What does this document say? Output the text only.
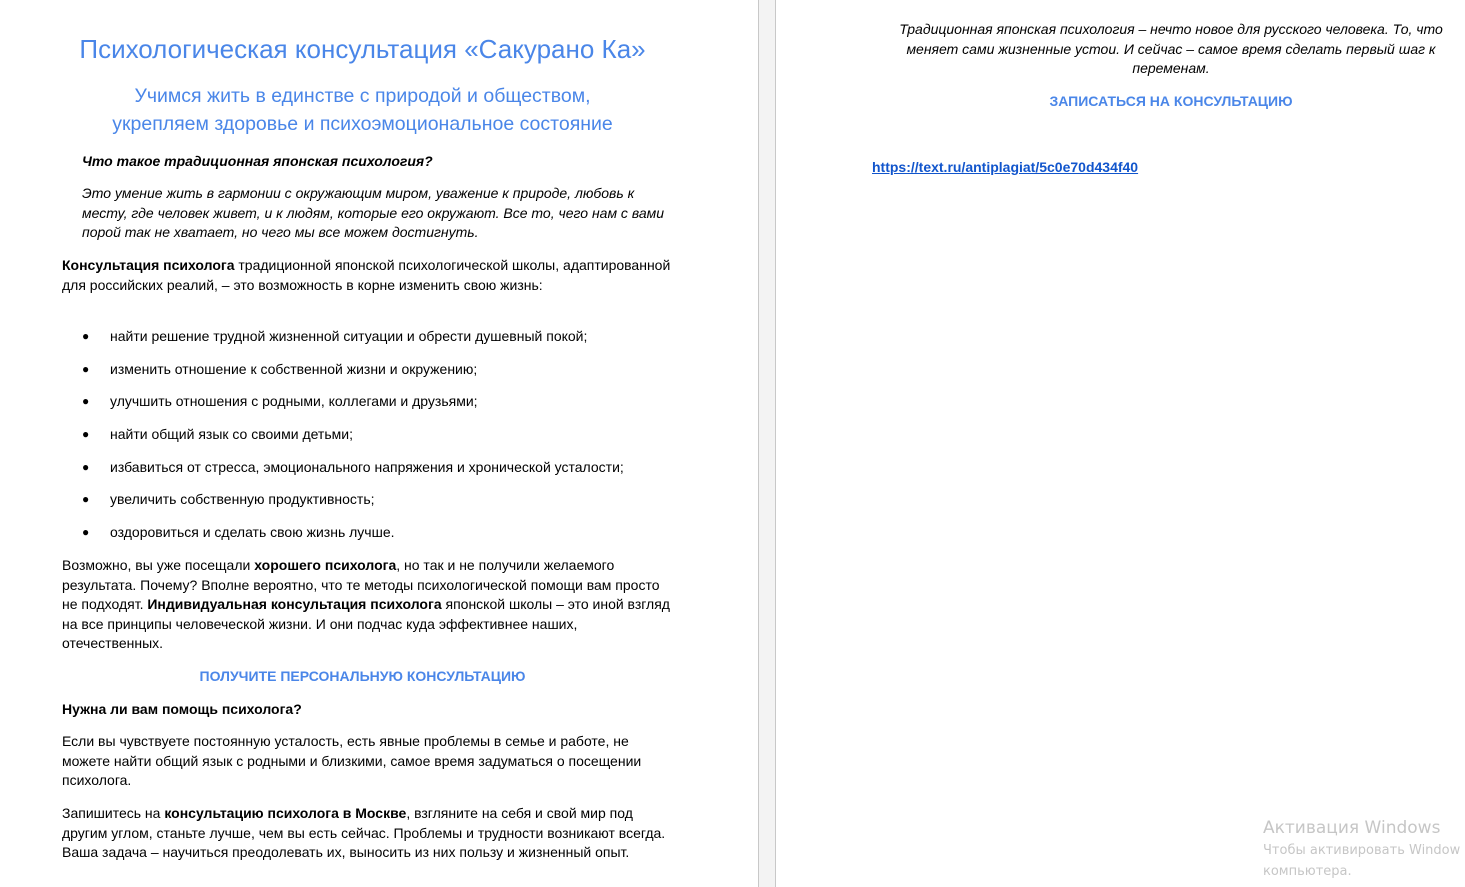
Психологическая консультация «Сакурано Ка»
Учимся жить в единстве с природой и обществом,
укрепляем здоровье и психоэмоциональное состояние
Что такое традиционная японская психология?
Это умение жить в гармонии с окружающим миром, уважение к природе, любовь к месту, где человек живет, и к людям, которые его окружают. Все то, чего нам с вами порой так не хватает, но чего мы все можем достигнуть.
Консультация психолога традиционной японской психологической школы, адаптированной для российских реалий, – это возможность в корне изменить свою жизнь:
●	найти решение трудной жизненной ситуации и обрести душевный покой;
●	изменить отношение к собственной жизни и окружению;
●	улучшить отношения с родными, коллегами и друзьями;
●	найти общий язык со своими детьми;
●	избавиться от стресса, эмоционального напряжения и хронической усталости;
●	увеличить собственную продуктивность;
●	оздоровиться и сделать свою жизнь лучше.
Возможно, вы уже посещали хорошего психолога, но так и не получили желаемого результата. Почему? Вполне вероятно, что те методы психологической помощи вам просто не подходят. Индивидуальная консультация психолога японской школы – это иной взгляд на все принципы человеческой жизни. И они подчас куда эффективнее наших, отечественных.
ПОЛУЧИТЕ ПЕРСОНАЛЬНУЮ КОНСУЛЬТАЦИЮ
Нужна ли вам помощь психолога?
Если вы чувствуете постоянную усталость, есть явные проблемы в семье и работе, не можете найти общий язык с родными и близкими, самое время задуматься о посещении психолога.
Запишитесь на консультацию психолога в Москве, взгляните на себя и свой мир под другим углом, станьте лучше, чем вы есть сейчас. Проблемы и трудности возникают всегда. Ваша задача – научиться преодолевать их, выносить из них пользу и жизненный опыт.
Традиционная японская психология – нечто новое для русского человека. То, что меняет сами жизненные устои. И сейчас – самое время сделать первый шаг к переменам.
ЗАПИСАТЬСЯ НА КОНСУЛЬТАЦИЮ
https://text.ru/antiplagiat/5c0e70d434f40
Активация Windows
Чтобы активировать Window
компьютера.
